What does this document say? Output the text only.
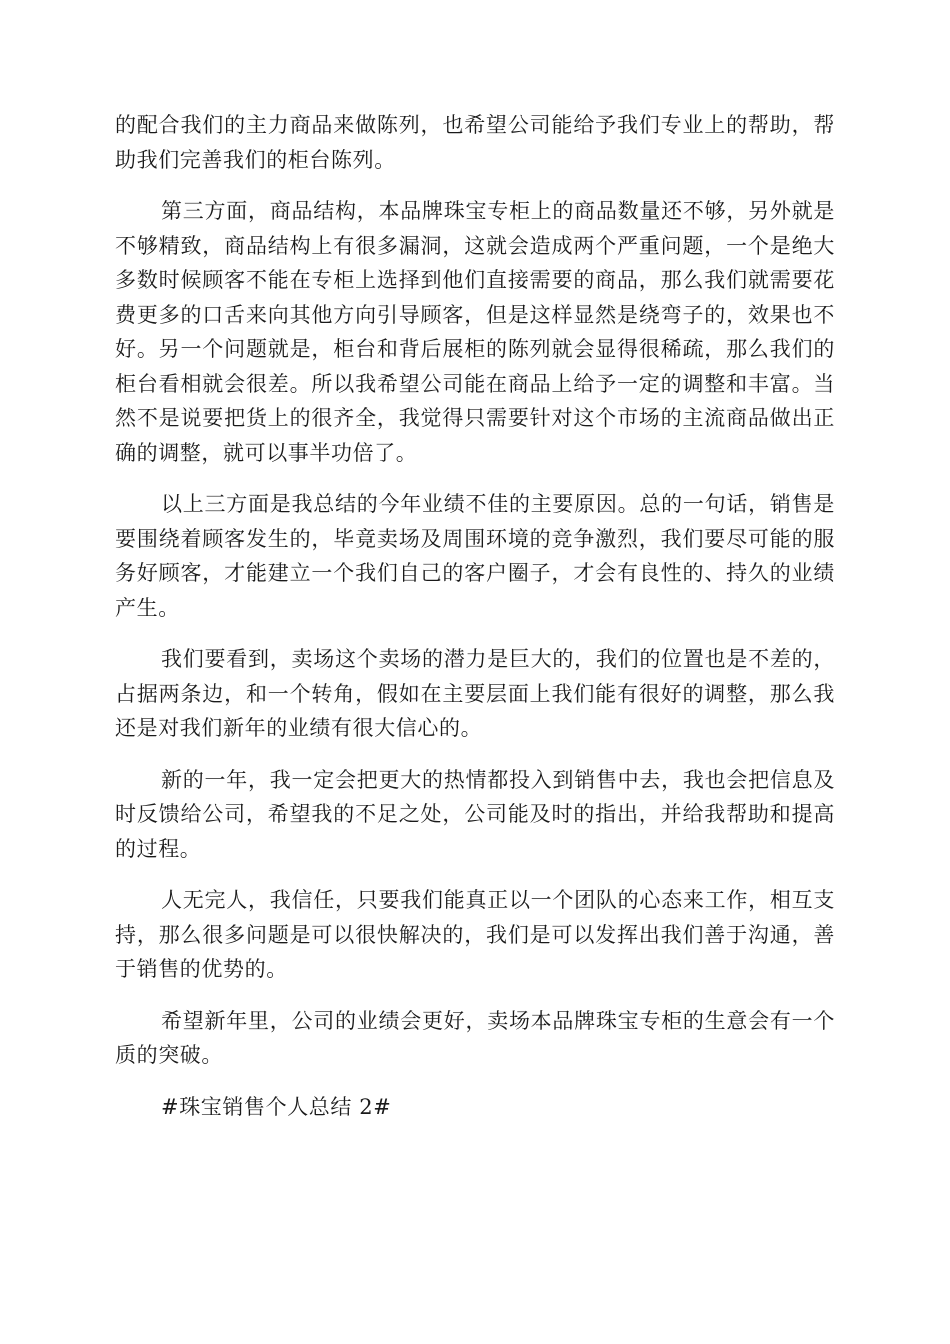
的配合我们的主力商品来做陈列，也希望公司能给予我们专业上的帮助，帮助我们完善我们的柜台陈列。

第三方面，商品结构，本品牌珠宝专柜上的商品数量还不够，另外就是不够精致，商品结构上有很多漏洞，这就会造成两个严重问题，一个是绝大多数时候顾客不能在专柜上选择到他们直接需要的商品，那么我们就需要花费更多的口舌来向其他方向引导顾客，但是这样显然是绕弯子的，效果也不好。另一个问题就是，柜台和背后展柜的陈列就会显得很稀疏，那么我们的柜台看相就会很差。所以我希望公司能在商品上给予一定的调整和丰富。当然不是说要把货上的很齐全，我觉得只需要针对这个市场的主流商品做出正确的调整，就可以事半功倍了。

以上三方面是我总结的今年业绩不佳的主要原因。总的一句话，销售是要围绕着顾客发生的，毕竟卖场及周围环境的竞争激烈，我们要尽可能的服务好顾客，才能建立一个我们自己的客户圈子，才会有良性的、持久的业绩产生。

我们要看到，卖场这个卖场的潜力是巨大的，我们的位置也是不差的，占据两条边，和一个转角，假如在主要层面上我们能有很好的调整，那么我还是对我们新年的业绩有很大信心的。

新的一年，我一定会把更大的热情都投入到销售中去，我也会把信息及时反馈给公司，希望我的不足之处，公司能及时的指出，并给我帮助和提高的过程。

人无完人，我信任，只要我们能真正以一个团队的心态来工作，相互支持，那么很多问题是可以很快解决的，我们是可以发挥出我们善于沟通，善于销售的优势的。

希望新年里，公司的业绩会更好，卖场本品牌珠宝专柜的生意会有一个质的突破。

#珠宝销售个人总结 2#
